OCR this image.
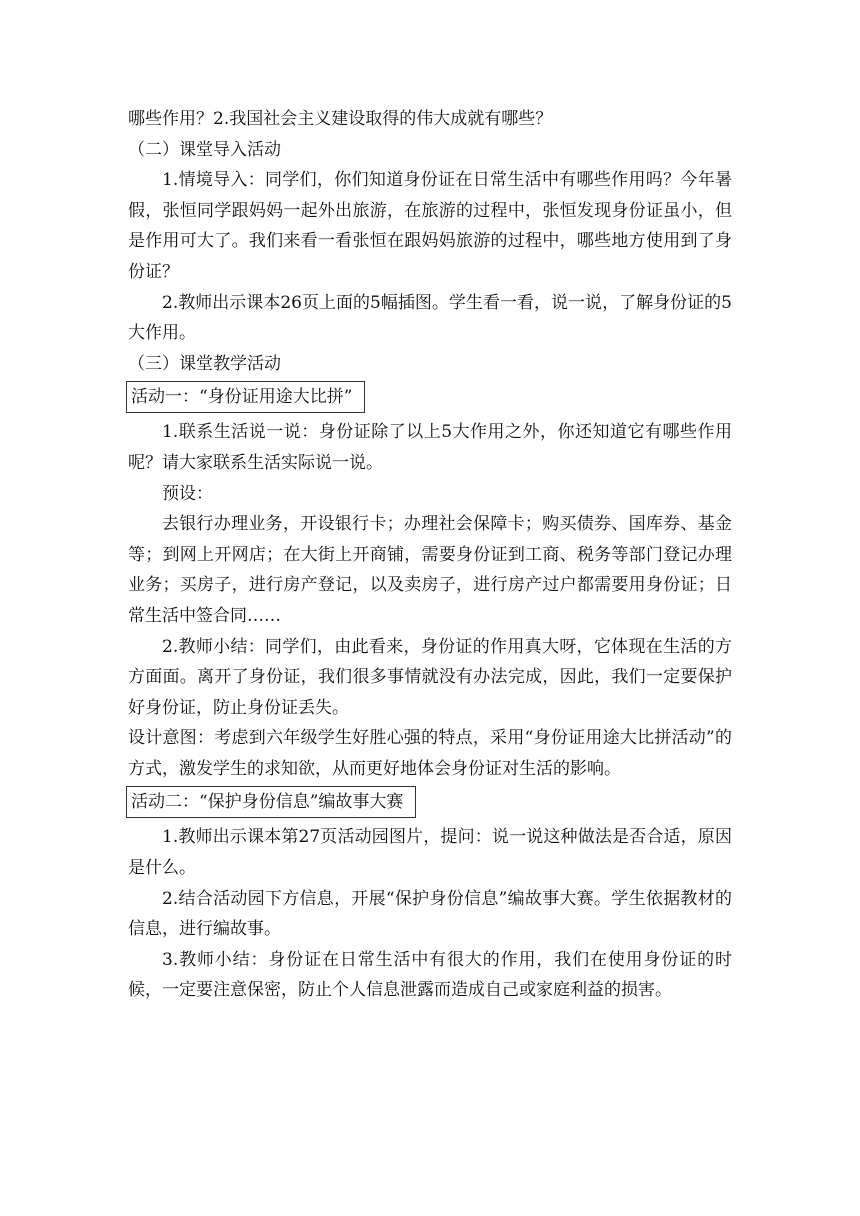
哪些作用？2.我国社会主义建设取得的伟大成就有哪些？

（二）课堂导入活动

1.情境导入：同学们，你们知道身份证在日常生活中有哪些作用吗？今年暑假，张恒同学跟妈妈一起外出旅游，在旅游的过程中，张恒发现身份证虽小，但是作用可大了。我们来看一看张恒在跟妈妈旅游的过程中，哪些地方使用到了身份证？

2.教师出示课本26页上面的5幅插图。学生看一看，说一说，了解身份证的5大作用。

（三）课堂教学活动

活动一：“身份证用途大比拼”

1.联系生活说一说：身份证除了以上5大作用之外，你还知道它有哪些作用呢？请大家联系生活实际说一说。

预设：

去银行办理业务，开设银行卡；办理社会保障卡；购买债券、国库券、基金等；到网上开网店；在大街上开商铺，需要身份证到工商、税务等部门登记办理业务；买房子，进行房产登记，以及卖房子，进行房产过户都需要用身份证；日常生活中签合同……

2.教师小结：同学们，由此看来，身份证的作用真大呀，它体现在生活的方方面面。离开了身份证，我们很多事情就没有办法完成，因此，我们一定要保护好身份证，防止身份证丢失。

设计意图：考虑到六年级学生好胜心强的特点，采用“身份证用途大比拼活动”的方式，激发学生的求知欲，从而更好地体会身份证对生活的影响。

活动二：“保护身份信息”编故事大赛

1.教师出示课本第27页活动园图片，提问：说一说这种做法是否合适，原因是什么。

2.结合活动园下方信息，开展“保护身份信息”编故事大赛。学生依据教材的信息，进行编故事。

3.教师小结：身份证在日常生活中有很大的作用，我们在使用身份证的时候，一定要注意保密，防止个人信息泄露而造成自己或家庭利益的损害。
